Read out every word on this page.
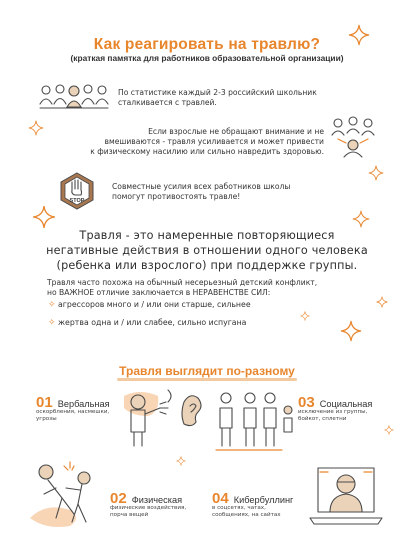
Как реагировать на травлю?
(краткая памятка для работников образовательной организации)
По статистике каждый 2-3 российский школьник
сталкивается с травлей.
Если взрослые не обращают внимание и не
вмешиваются - травля усиливается и может привести
к физическому насилию или сильно навредить здоровью.
STOP
Совместные усилия всех работников школы
помогут противостоять травле!
Травля - это намеренные повторяющиеся
негативные действия в отношении одного человека
(ребенка или взрослого) при поддержке группы.
Травля часто похожа на обычный несерьезный детский конфликт,
но ВАЖНОЕ отличие заключается в НЕРАВЕНСТВЕ СИЛ:
✧ агрессоров много и / или они старше, сильнее
✧ жертва одна и / или слабее, сильно испугана
Травля выглядит по-разному
01 Вербальная
оскорбления, насмешки,
угрозы
03 Социальная
исключение из группы,
бойкот, сплетни
02 Физическая
физические воздействия,
порча вещей
04 Кибербуллинг
в соцсетях, чатах,
сообщениях, на сайтах
